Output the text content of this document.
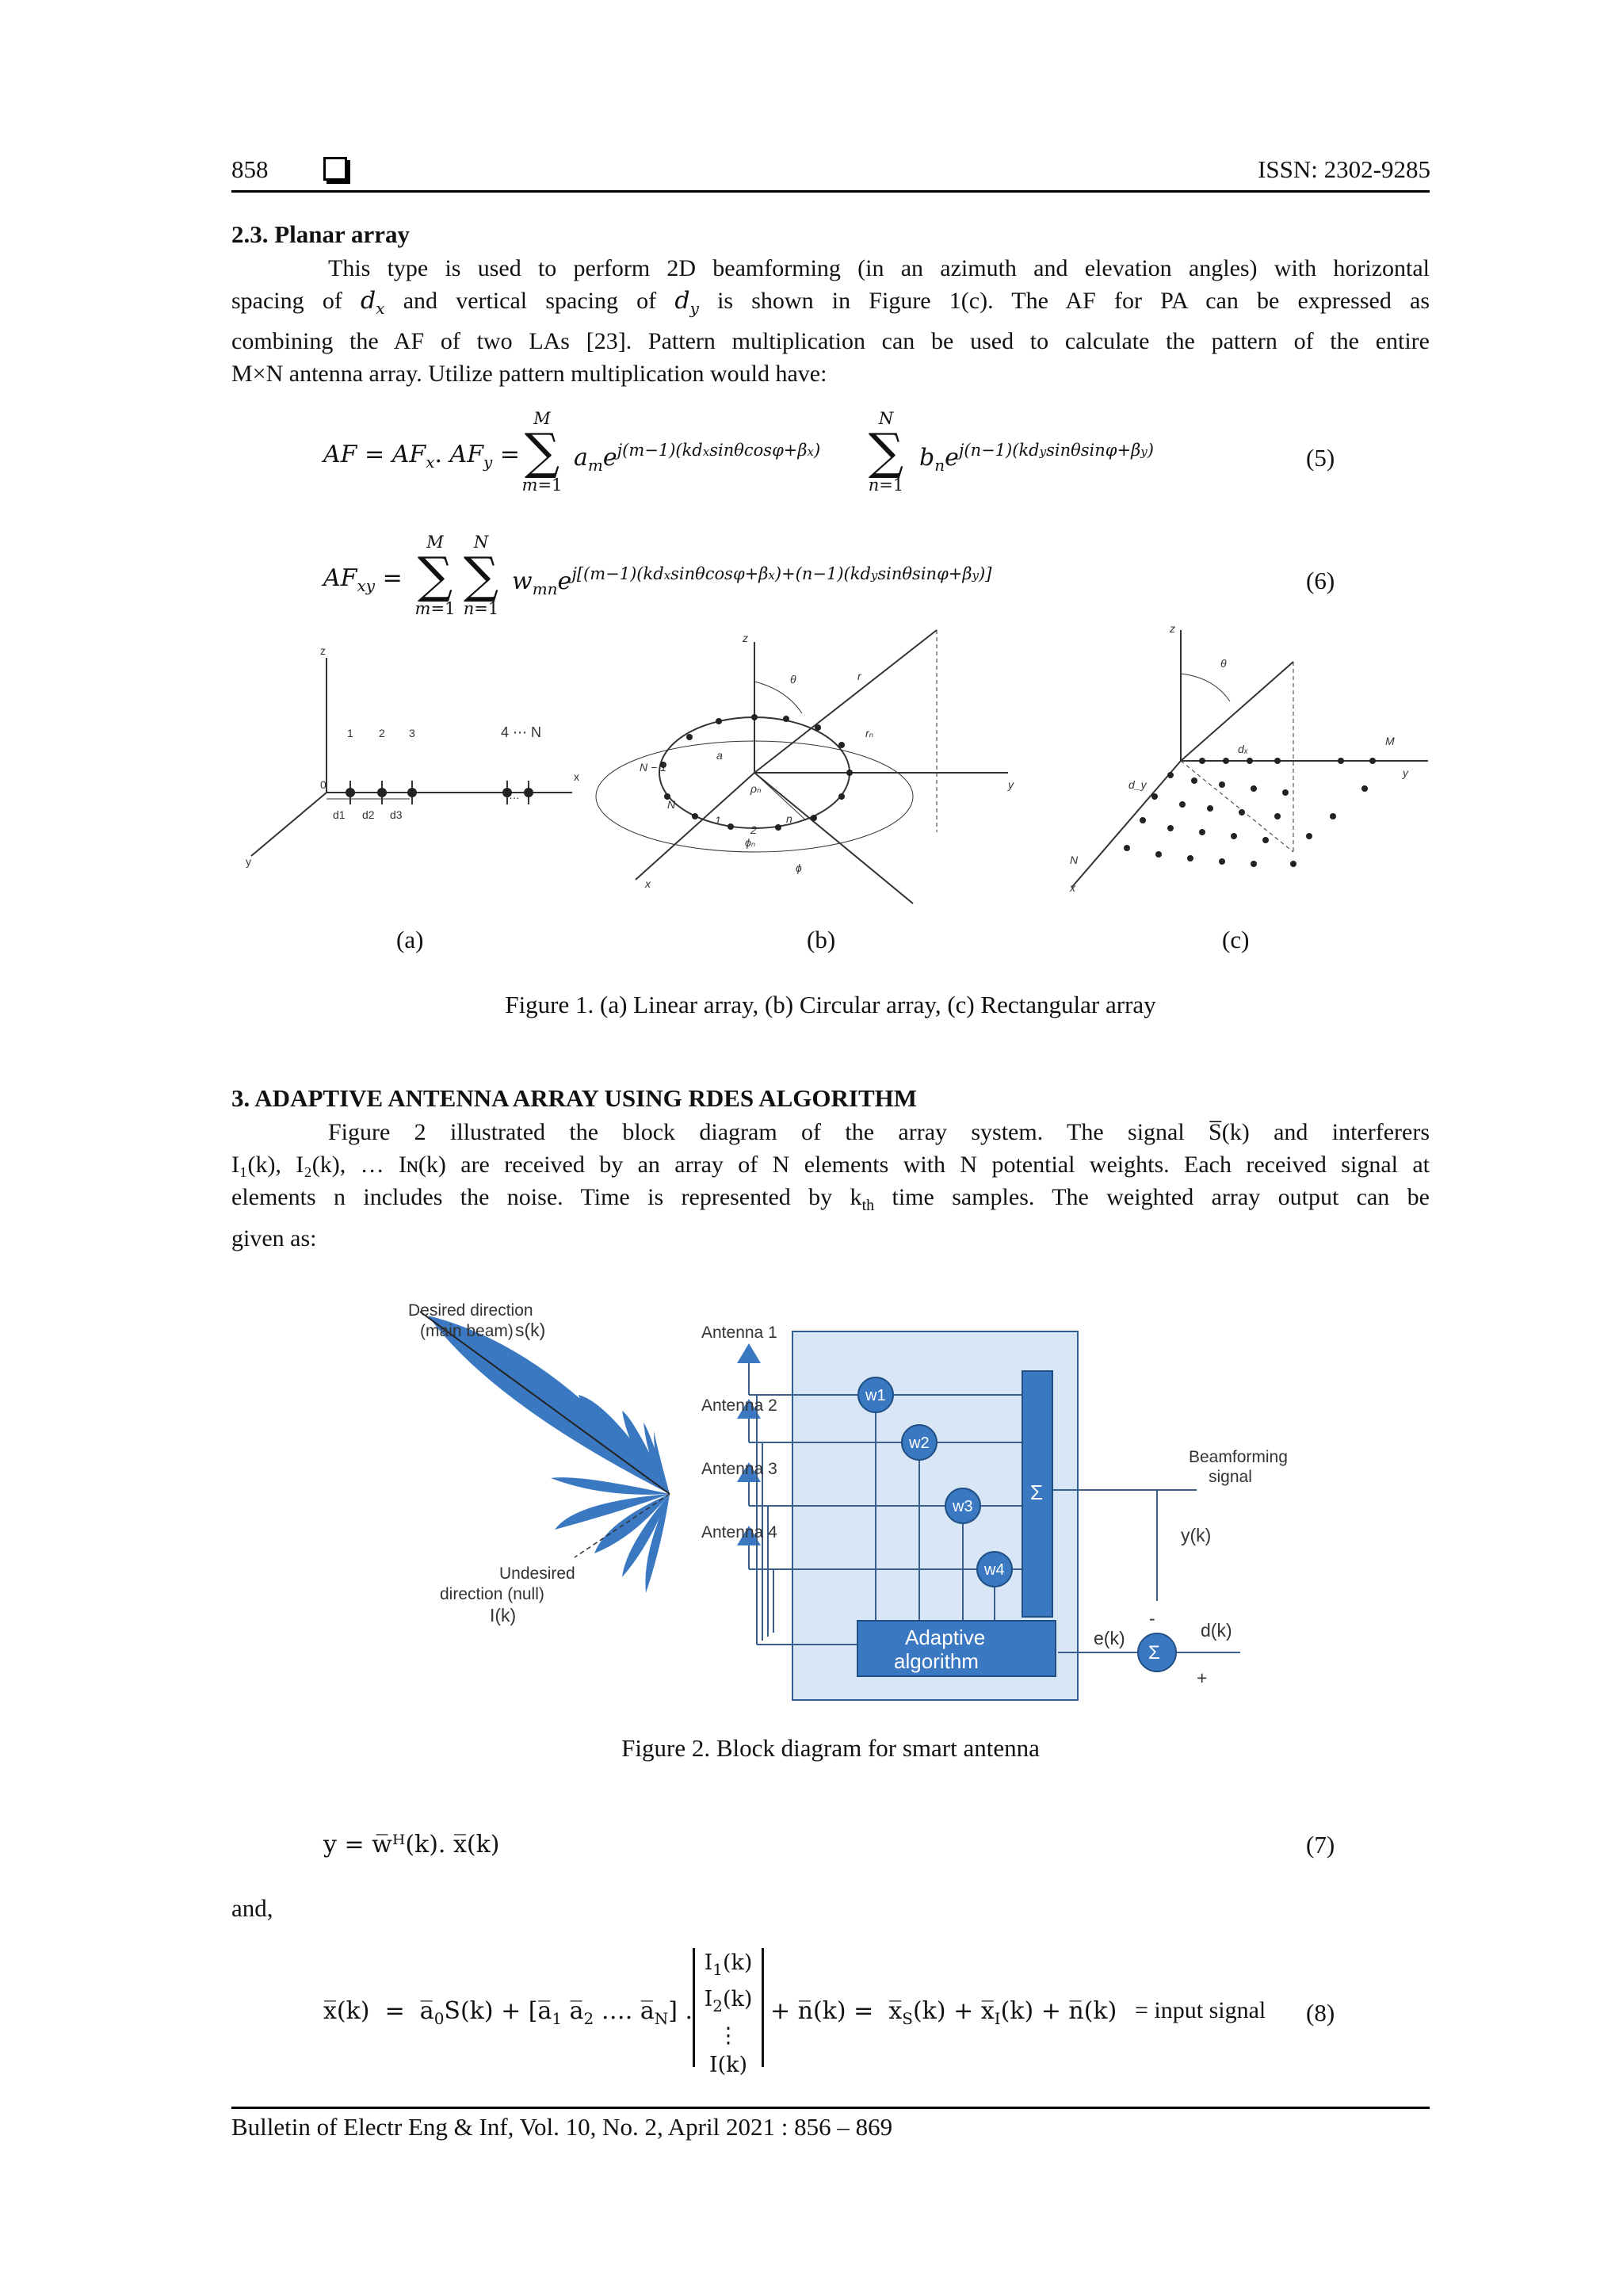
858	ISSN: 2302-9285
2.3. Planar array
This type is used to perform 2D beamforming (in an azimuth and elevation angles) with horizontal
spacing of $d_x$ and vertical spacing of $d_y$ is shown in Figure 1(c). The AF for PA can be expressed as
combining the AF of two LAs [23]. Pattern multiplication can be used to calculate the pattern of the entire
M×N antenna array. Utilize pattern multiplication would have:
AF = $AF_x$. $AF_y$ =
M
∑
m=1
$a_me^{j(m-1)(kdxsin\theta cos\varphi+\beta x)}$
N
∑
n=1
$b_ne^{j(n-1)(kdysin\theta sin\varphi+\beta y)}$	(5)
$AF_{xy}$ =
M
∑
m=1
N
∑
n=1
$w_{mn}e^{j[(m-1)(kdxsin\theta cos\varphi+\beta x)+(n-1)(kdysin\theta sin\varphi+\beta y)]}$	(6)
z
y
x
1 2 3	4 ⋯ N
0
d1 d2 d3
…
z
θ	r
rₙ
N − 1
a
N
ρₙ
1
2
n
ϕₙ
ϕ
y
x
z
θ
dₓ
M
y
d_y
N
x
(a)	(b)	(c)
Figure 1. (a) Linear array, (b) Circular array, (c) Rectangular array
3. ADAPTIVE ANTENNA ARRAY USING RDES ALGORITHM
Figure 2 illustrated the block diagram of the array system. The signal S̅(k) and interferers
I₁(k), I₂(k), … Iɴ(k) are received by an array of N elements with N potential weights. Each received signal at
elements n includes the noise. Time is represented by $k_{th}$ time samples. The weighted array output can be
given as:
Desired direction
(main beam) s(k)
Undesired
direction (null)
I(k)
Antenna 1
Antenna 2
Antenna 3
Antenna 4
Beamforming
signal
y(k)
e(k)	d(k)
-
+
w1
w2
w3
w4
Σ
Σ
Adaptive
algorithm
Figure 2. Block diagram for smart antenna
y = w̅ᴴ(k). x̅(k)	(7)
and,
x̅(k)  =  $a̅_0S(k)$ + [$a̅_1$ $a̅_2$ …. $a̅_N$] .
$I_1(k)$
$I_2(k)$
⋮
I(k)
+ n̅(k) =  $x̅_S(k)$ + $x̅_I(k)$ + n̅(k) = input signal (8)
Bulletin of Electr Eng & Inf, Vol. 10, No. 2, April 2021 : 856 – 869
